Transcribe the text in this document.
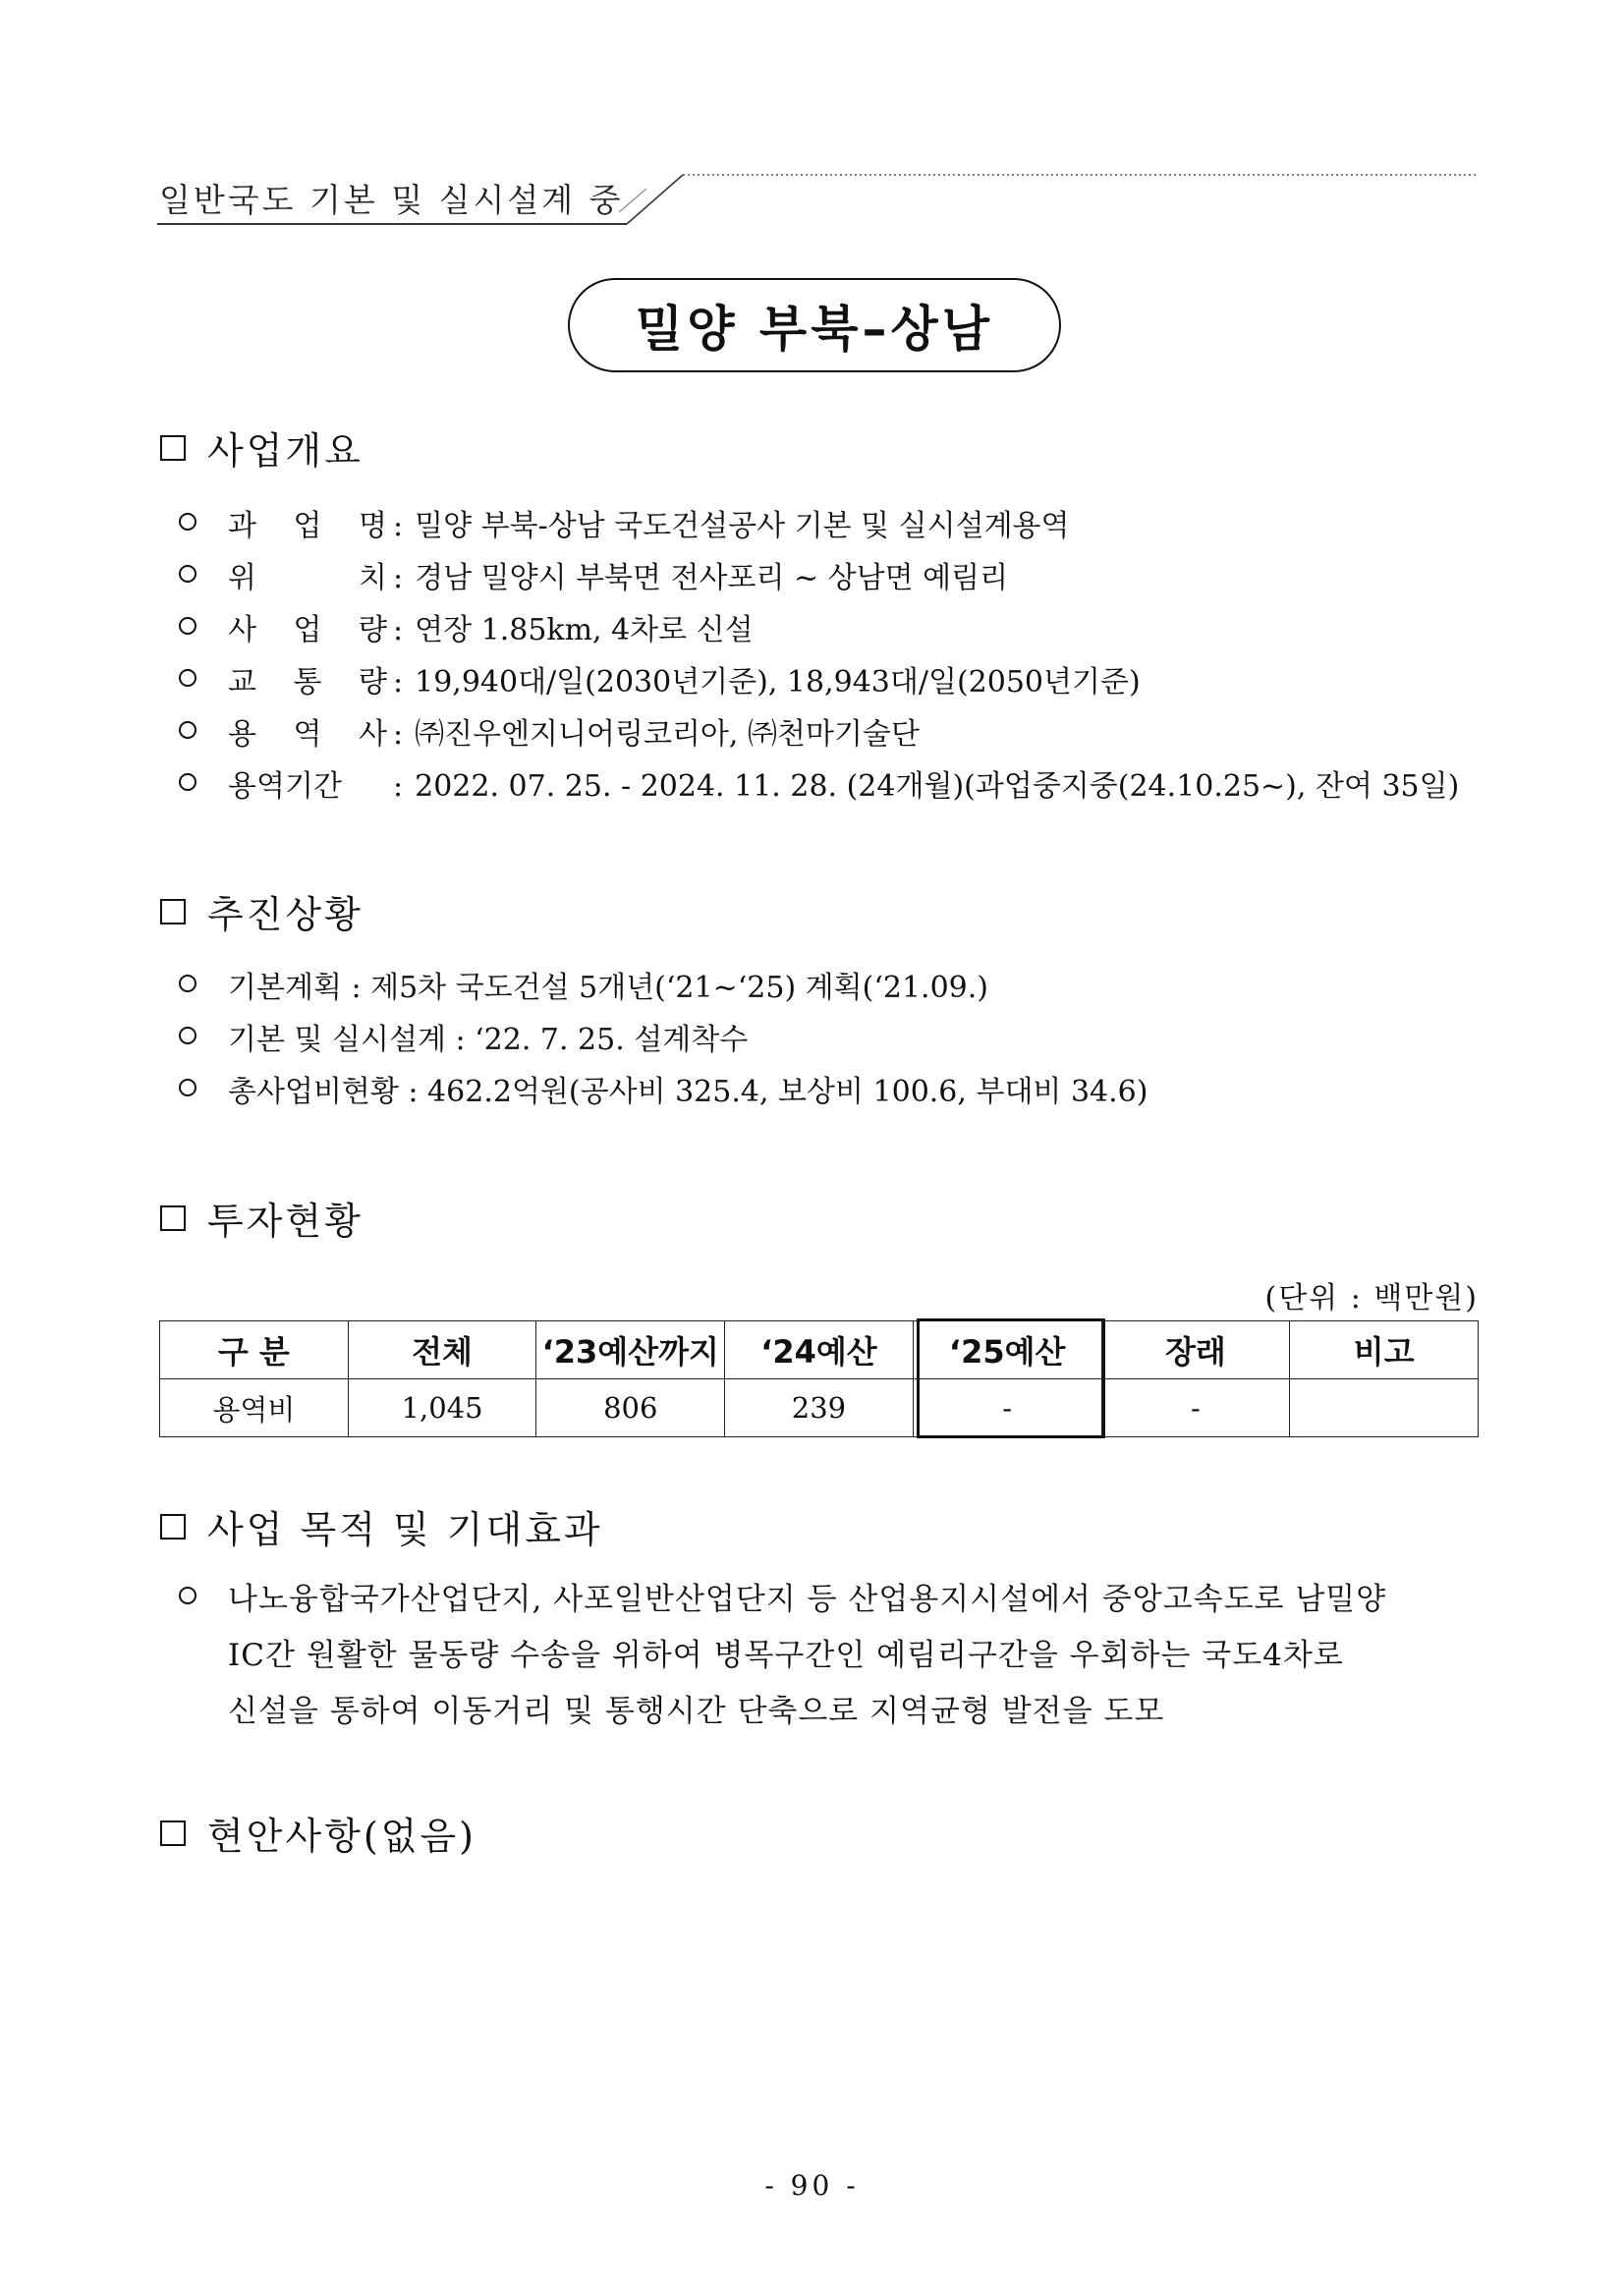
일반국도 기본 및 실시설계 중
밀양 부북–상남
사업개요
과 업 명 : 밀양 부북-상남 국도건설공사 기본 및 실시설계용역
위 치 : 경남 밀양시 부북면 전사포리 ~ 상남면 예림리
사 업 량 : 연장 1.85km, 4차로 신설
교 통 량 : 19,940대/일(2030년기준), 18,943대/일(2050년기준)
용 역 사 : ㈜진우엔지니어링코리아, ㈜천마기술단
용역기간	: 2022. 07. 25. - 2024. 11. 28. (24개월)(과업중지중(24.10.25~), 잔여 35일)
추진상황
기본계획 : 제5차 국도건설 5개년(‘21~‘25) 계획(‘21.09.)
기본 및 실시설계 : ‘22. 7. 25. 설계착수
총사업비현황 : 462.2억원(공사비 325.4, 보상비 100.6, 부대비 34.6)
투자현황
(단위 : 백만원)
구 분	전체	‘23예산까지	‘24예산	‘25예산	장래	비고
용역비	1,045	806	239	-	-	
사업 목적 및 기대효과
나노융합국가산업단지, 사포일반산업단지 등 산업용지시설에서 중앙고속도로 남밀양
IC간 원활한 물동량 수송을 위하여 병목구간인 예림리구간을 우회하는 국도4차로
신설을 통하여 이동거리 및 통행시간 단축으로 지역균형 발전을 도모
현안사항(없음)
- 90 -
